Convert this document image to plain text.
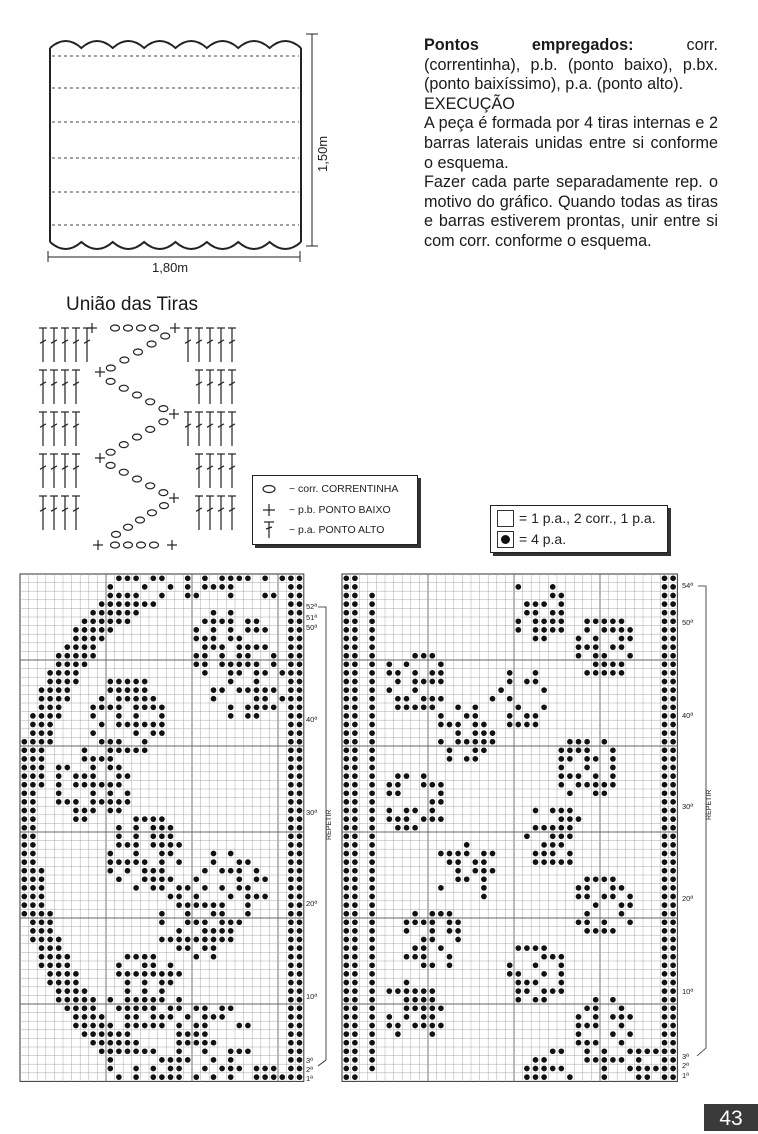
1,80m
1,50m
52ª
51ª
50ª
40ª
30ª
20ª
10ª
3ª
2ª
1ª
REPETIR
54ª
50ª
40ª
30ª
20ª
10ª
3ª
2ª
1ª
REPETIR

Pontos empregados: corr. (correntinha), p.b. (ponto baixo), p.bx. (ponto baixíssimo), p.a. (ponto alto).

EXECUÇÃO

A peça é formada por 4 tiras internas e 2 barras laterais unidas entre si conforme o esquema.

Fazer cada parte separadamente rep. o motivo do gráfico. Quando todas as tiras e barras estiverem prontas, unir entre si com corr. conforme o esquema.

União das Tiras
~ corr. CORRENTINHA
~ p.b. PONTO BAIXO
~ p.a. PONTO ALTO
= 1 p.a., 2 corr., 1 p.a.
= 4 p.a.
43
